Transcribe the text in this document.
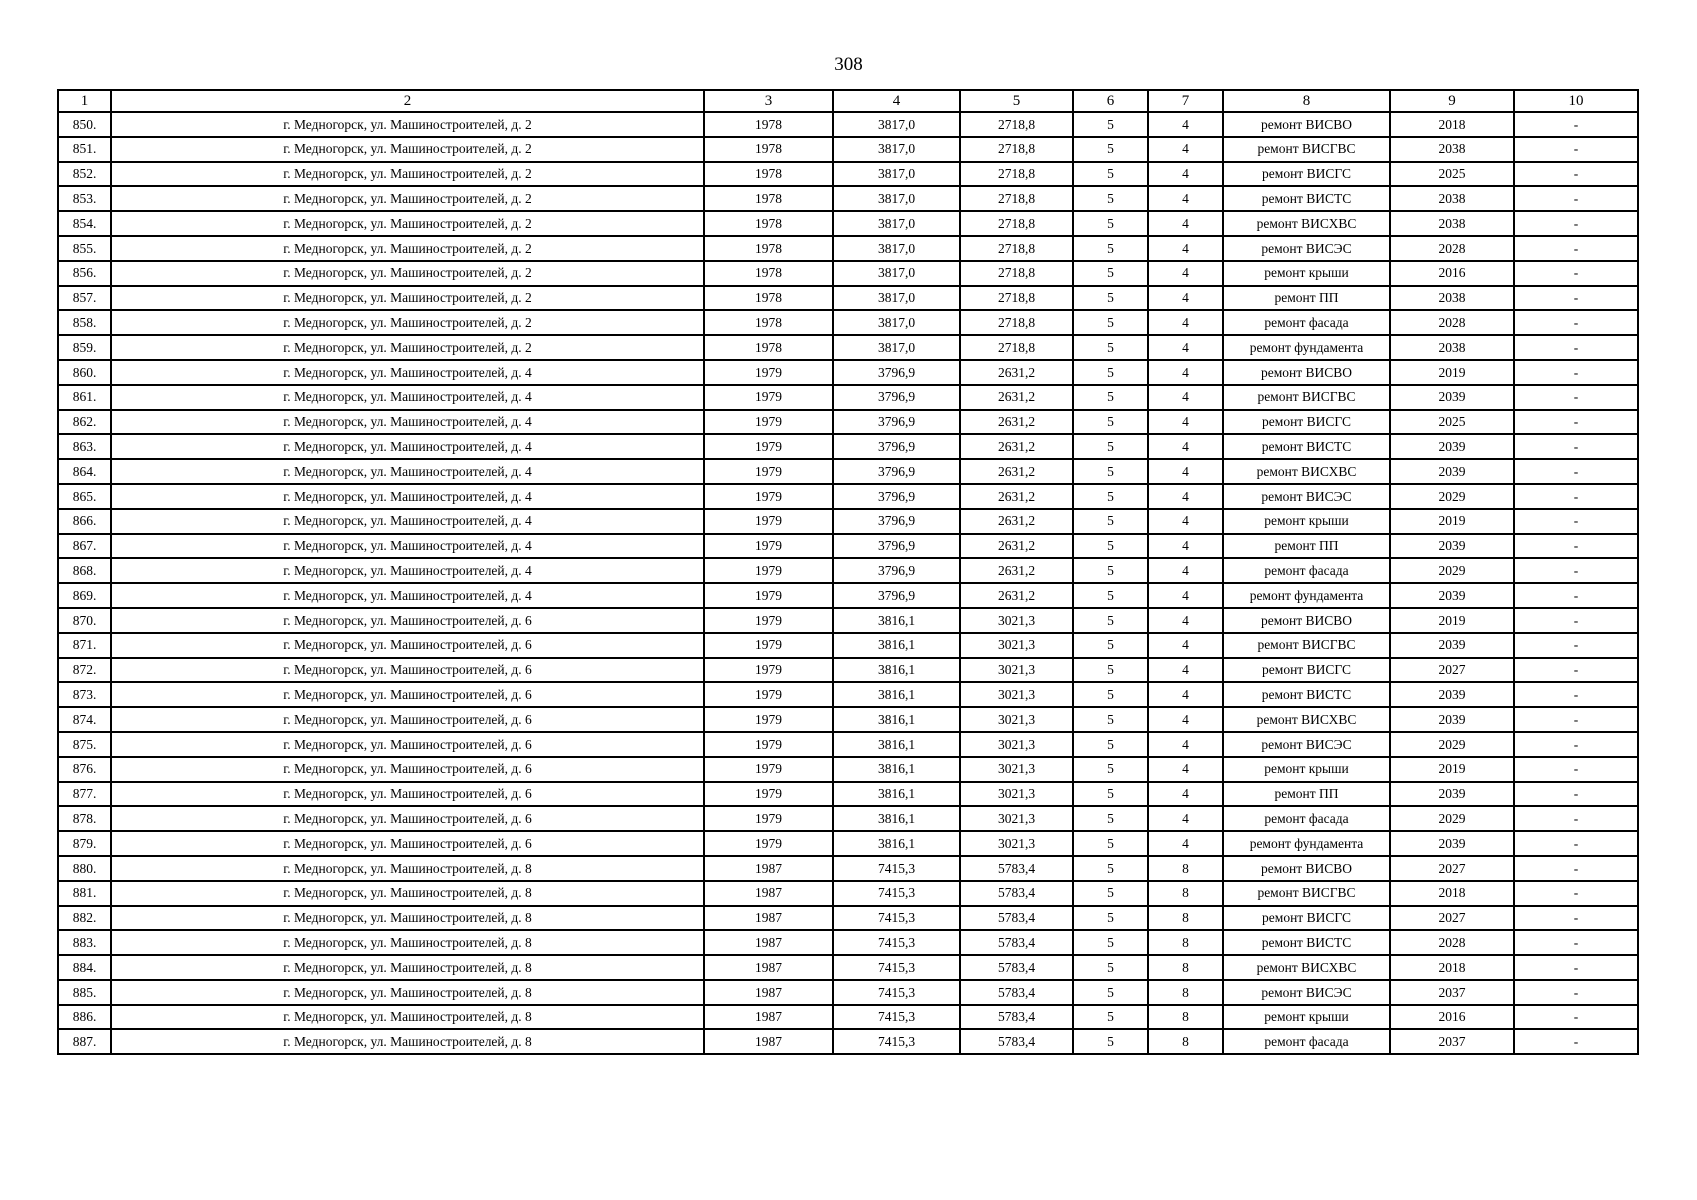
308
1	2	3	4	5	6	7	8	9	10
850.	г. Медногорск, ул. Машиностроителей, д. 2	1978	3817,0	2718,8	5	4	ремонт ВИСВО	2018	-
851.	г. Медногорск, ул. Машиностроителей, д. 2	1978	3817,0	2718,8	5	4	ремонт ВИСГВС	2038	-
852.	г. Медногорск, ул. Машиностроителей, д. 2	1978	3817,0	2718,8	5	4	ремонт ВИСГС	2025	-
853.	г. Медногорск, ул. Машиностроителей, д. 2	1978	3817,0	2718,8	5	4	ремонт ВИСТС	2038	-
854.	г. Медногорск, ул. Машиностроителей, д. 2	1978	3817,0	2718,8	5	4	ремонт ВИСХВС	2038	-
855.	г. Медногорск, ул. Машиностроителей, д. 2	1978	3817,0	2718,8	5	4	ремонт ВИСЭС	2028	-
856.	г. Медногорск, ул. Машиностроителей, д. 2	1978	3817,0	2718,8	5	4	ремонт крыши	2016	-
857.	г. Медногорск, ул. Машиностроителей, д. 2	1978	3817,0	2718,8	5	4	ремонт ПП	2038	-
858.	г. Медногорск, ул. Машиностроителей, д. 2	1978	3817,0	2718,8	5	4	ремонт фасада	2028	-
859.	г. Медногорск, ул. Машиностроителей, д. 2	1978	3817,0	2718,8	5	4	ремонт фундамента	2038	-
860.	г. Медногорск, ул. Машиностроителей, д. 4	1979	3796,9	2631,2	5	4	ремонт ВИСВО	2019	-
861.	г. Медногорск, ул. Машиностроителей, д. 4	1979	3796,9	2631,2	5	4	ремонт ВИСГВС	2039	-
862.	г. Медногорск, ул. Машиностроителей, д. 4	1979	3796,9	2631,2	5	4	ремонт ВИСГС	2025	-
863.	г. Медногорск, ул. Машиностроителей, д. 4	1979	3796,9	2631,2	5	4	ремонт ВИСТС	2039	-
864.	г. Медногорск, ул. Машиностроителей, д. 4	1979	3796,9	2631,2	5	4	ремонт ВИСХВС	2039	-
865.	г. Медногорск, ул. Машиностроителей, д. 4	1979	3796,9	2631,2	5	4	ремонт ВИСЭС	2029	-
866.	г. Медногорск, ул. Машиностроителей, д. 4	1979	3796,9	2631,2	5	4	ремонт крыши	2019	-
867.	г. Медногорск, ул. Машиностроителей, д. 4	1979	3796,9	2631,2	5	4	ремонт ПП	2039	-
868.	г. Медногорск, ул. Машиностроителей, д. 4	1979	3796,9	2631,2	5	4	ремонт фасада	2029	-
869.	г. Медногорск, ул. Машиностроителей, д. 4	1979	3796,9	2631,2	5	4	ремонт фундамента	2039	-
870.	г. Медногорск, ул. Машиностроителей, д. 6	1979	3816,1	3021,3	5	4	ремонт ВИСВО	2019	-
871.	г. Медногорск, ул. Машиностроителей, д. 6	1979	3816,1	3021,3	5	4	ремонт ВИСГВС	2039	-
872.	г. Медногорск, ул. Машиностроителей, д. 6	1979	3816,1	3021,3	5	4	ремонт ВИСГС	2027	-
873.	г. Медногорск, ул. Машиностроителей, д. 6	1979	3816,1	3021,3	5	4	ремонт ВИСТС	2039	-
874.	г. Медногорск, ул. Машиностроителей, д. 6	1979	3816,1	3021,3	5	4	ремонт ВИСХВС	2039	-
875.	г. Медногорск, ул. Машиностроителей, д. 6	1979	3816,1	3021,3	5	4	ремонт ВИСЭС	2029	-
876.	г. Медногорск, ул. Машиностроителей, д. 6	1979	3816,1	3021,3	5	4	ремонт крыши	2019	-
877.	г. Медногорск, ул. Машиностроителей, д. 6	1979	3816,1	3021,3	5	4	ремонт ПП	2039	-
878.	г. Медногорск, ул. Машиностроителей, д. 6	1979	3816,1	3021,3	5	4	ремонт фасада	2029	-
879.	г. Медногорск, ул. Машиностроителей, д. 6	1979	3816,1	3021,3	5	4	ремонт фундамента	2039	-
880.	г. Медногорск, ул. Машиностроителей, д. 8	1987	7415,3	5783,4	5	8	ремонт ВИСВО	2027	-
881.	г. Медногорск, ул. Машиностроителей, д. 8	1987	7415,3	5783,4	5	8	ремонт ВИСГВС	2018	-
882.	г. Медногорск, ул. Машиностроителей, д. 8	1987	7415,3	5783,4	5	8	ремонт ВИСГС	2027	-
883.	г. Медногорск, ул. Машиностроителей, д. 8	1987	7415,3	5783,4	5	8	ремонт ВИСТС	2028	-
884.	г. Медногорск, ул. Машиностроителей, д. 8	1987	7415,3	5783,4	5	8	ремонт ВИСХВС	2018	-
885.	г. Медногорск, ул. Машиностроителей, д. 8	1987	7415,3	5783,4	5	8	ремонт ВИСЭС	2037	-
886.	г. Медногорск, ул. Машиностроителей, д. 8	1987	7415,3	5783,4	5	8	ремонт крыши	2016	-
887.	г. Медногорск, ул. Машиностроителей, д. 8	1987	7415,3	5783,4	5	8	ремонт фасада	2037	-
